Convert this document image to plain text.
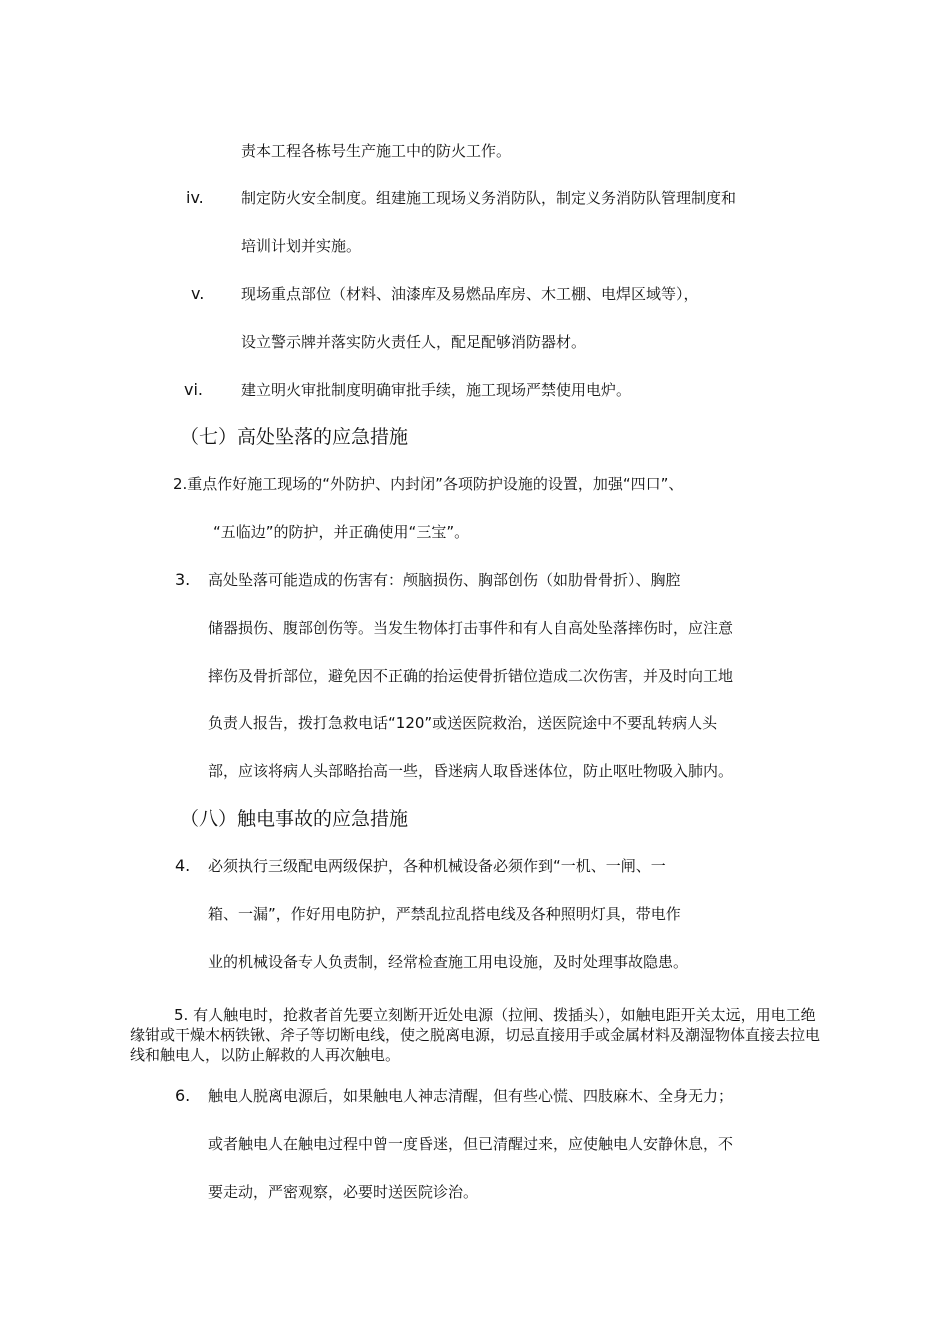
责本工程各栋号生产施工中的防火工作。
iv. 制定防火安全制度。组建施工现场义务消防队，制定义务消防队管理制度和
培训计划并实施。
v. 现场重点部位（材料、油漆库及易燃品库房、木工棚、电焊区域等），
设立警示牌并落实防火责任人，配足配够消防器材。
vi.	建立明火审批制度明确审批手续，施工现场严禁使用电炉。
（七）高处坠落的应急措施
2.重点作好施工现场的“外防护、内封闭”各项防护设施的设置，加强“四口”、
“五临边”的防护，并正确使用“三宝”。
3. 高处坠落可能造成的伤害有：颅脑损伤、胸部创伤（如肋骨骨折）、胸腔
储器损伤、腹部创伤等。当发生物体打击事件和有人自高处坠落摔伤时，应注意
摔伤及骨折部位，避免因不正确的抬运使骨折错位造成二次伤害，并及时向工地
负责人报告，拨打急救电话“120”或送医院救治，送医院途中不要乱转病人头
部，应该将病人头部略抬高一些，昏迷病人取昏迷体位，防止呕吐物吸入肺内。
（八）触电事故的应急措施
4. 必须执行三级配电两级保护，各种机械设备必须作到“一机、一闸、一
箱、一漏”，作好用电防护，严禁乱拉乱搭电线及各种照明灯具，带电作
业的机械设备专人负责制，经常检查施工用电设施，及时处理事故隐患。
5. 有人触电时，抢救者首先要立刻断开近处电源（拉闸、拨插头），如触电距开关太远，用电工绝缘钳或干燥木柄铁锹、斧子等切断电线，使之脱离电源，切忌直接用手或金属材料及潮湿物体直接去拉电线和触电人，以防止解救的人再次触电。
6. 触电人脱离电源后，如果触电人神志清醒，但有些心慌、四肢麻木、全身无力；
或者触电人在触电过程中曾一度昏迷，但已清醒过来，应使触电人安静休息，不
要走动，严密观察，必要时送医院诊治。
